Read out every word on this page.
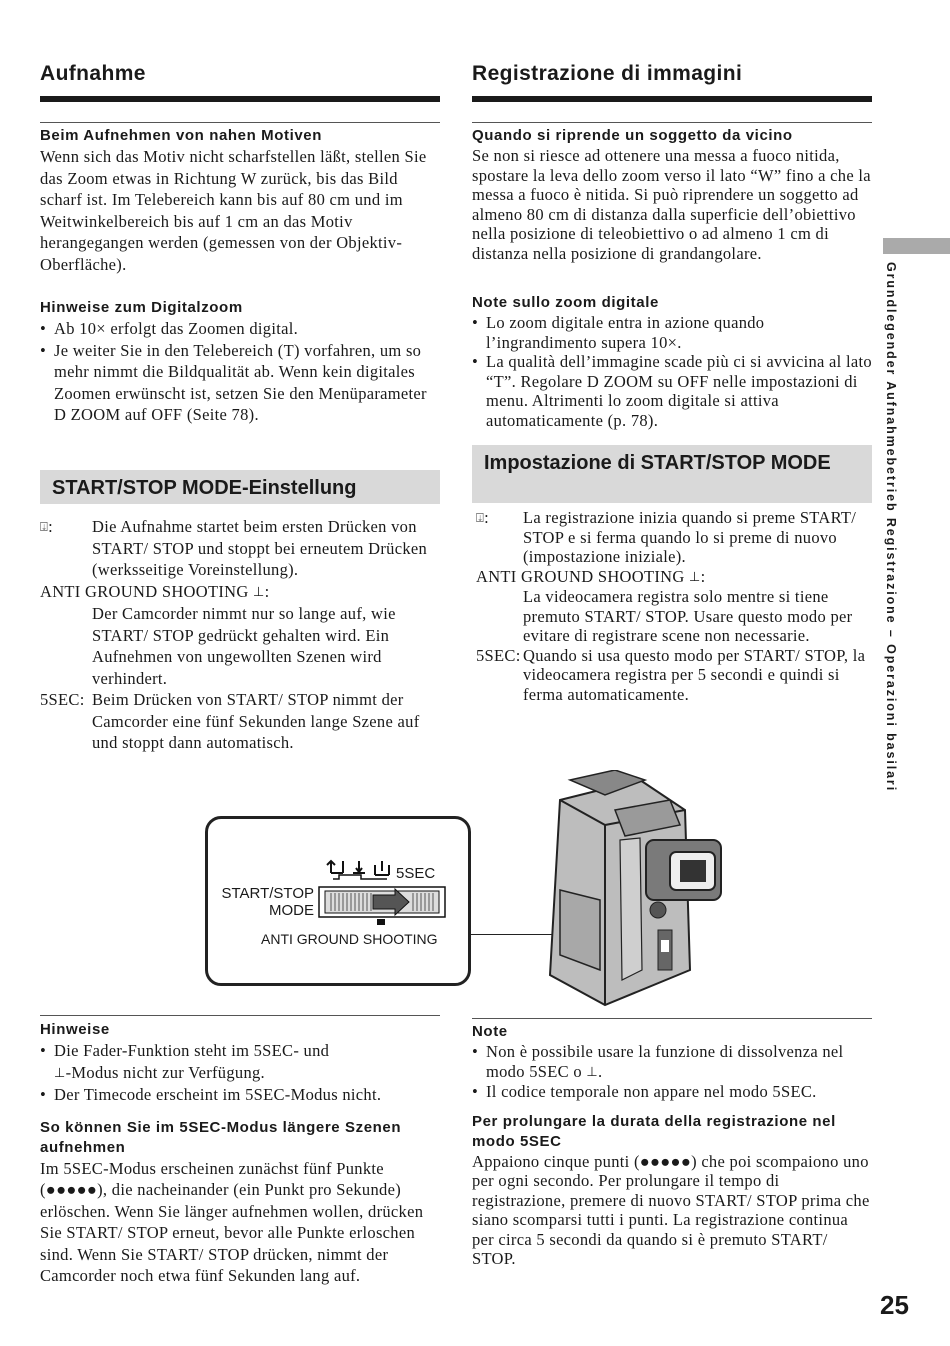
Aufnahme
Beim Aufnehmen von nahen Motiven
Wenn sich das Motiv nicht scharfstellen läßt, stellen Sie das Zoom etwas in Richtung W zurück, bis das Bild scharf ist. Im Telebereich kann bis auf 80 cm und im Weitwinkelbereich bis auf 1 cm an das Motiv herangegangen werden (gemessen von der Objektiv-Oberfläche).
Hinweise zum Digitalzoom
• Ab 10× erfolgt das Zoomen digital.
• Je weiter Sie in den Telebereich (T) vorfahren, um so mehr nimmt die Bildqualität ab. Wenn kein digitales Zoomen erwünscht ist, setzen Sie den Menüparameter D ZOOM auf OFF (Seite 78).
START/STOP MODE-Einstellung
⍗:	Die Aufnahme startet beim ersten Drücken von START/ STOP und stoppt bei erneutem Drücken (werksseitige Voreinstellung).
ANTI GROUND SHOOTING ⊥:
Der Camcorder nimmt nur so lange auf, wie START/ STOP gedrückt gehalten wird. Ein Aufnehmen von ungewollten Szenen wird verhindert.
5SEC: Beim Drücken von START/ STOP nimmt der Camcorder eine fünf Sekunden lange Szene auf und stoppt dann automatisch.
Hinweise
• Die Fader-Funktion steht im 5SEC- und
⊥-Modus nicht zur Verfügung.
• Der Timecode erscheint im 5SEC-Modus nicht.
So können Sie im 5SEC-Modus längere Szenen aufnehmen
Im 5SEC-Modus erscheinen zunächst fünf Punkte (●●●●●), die nacheinander (ein Punkt pro Sekunde) erlöschen. Wenn Sie länger aufnehmen wollen, drücken Sie START/ STOP erneut, bevor alle Punkte erloschen sind. Wenn Sie START/ STOP drücken, nimmt der Camcorder noch etwa fünf Sekunden lang auf.
Registrazione di immagini
Quando si riprende un soggetto da vicino
Se non si riesce ad ottenere una messa a fuoco nitida, spostare la leva dello zoom verso il lato “W” fino a che la messa a fuoco è nitida. Si può riprendere un soggetto ad almeno 80 cm di distanza dalla superficie dell’obiettivo nella posizione di teleobiettivo o ad almeno 1 cm di distanza nella posizione di grandangolare.
Note sullo zoom digitale
• Lo zoom digitale entra in azione quando l’ingrandimento supera 10×.
• La qualità dell’immagine scade più ci si avvicina al lato “T”. Regolare D ZOOM su OFF nelle impostazioni di menu. Altrimenti lo zoom digitale si attiva automaticamente (p. 78).
Impostazione di START/STOP MODE
⍗:	La registrazione inizia quando si preme START/ STOP e si ferma quando lo si preme di nuovo (impostazione iniziale).
ANTI GROUND SHOOTING ⊥:
La videocamera registra solo mentre si tiene premuto START/ STOP. Usare questo modo per evitare di registrare scene non necessarie.
5SEC: Quando si usa questo modo per START/ STOP, la videocamera registra per 5 secondi e quindi si ferma automaticamente.
Note
• Non è possibile usare la funzione di dissolvenza nel modo 5SEC o ⊥.
• Il codice temporale non appare nel modo 5SEC.
Per prolungare la durata della registrazione nel modo 5SEC
Appaiono cinque punti (●●●●●) che poi scompaiono uno per ogni secondo. Per prolungare il tempo di registrazione, premere di nuovo START/ STOP prima che siano scomparsi tutti i punti. La registrazione continua per circa 5 secondi da quando si è premuto START/ STOP.
START/STOP
MODE
5SEC
ANTI GROUND SHOOTING
Grundlegender Aufnahmebetrieb Registrazione – Operazioni basilari
25
